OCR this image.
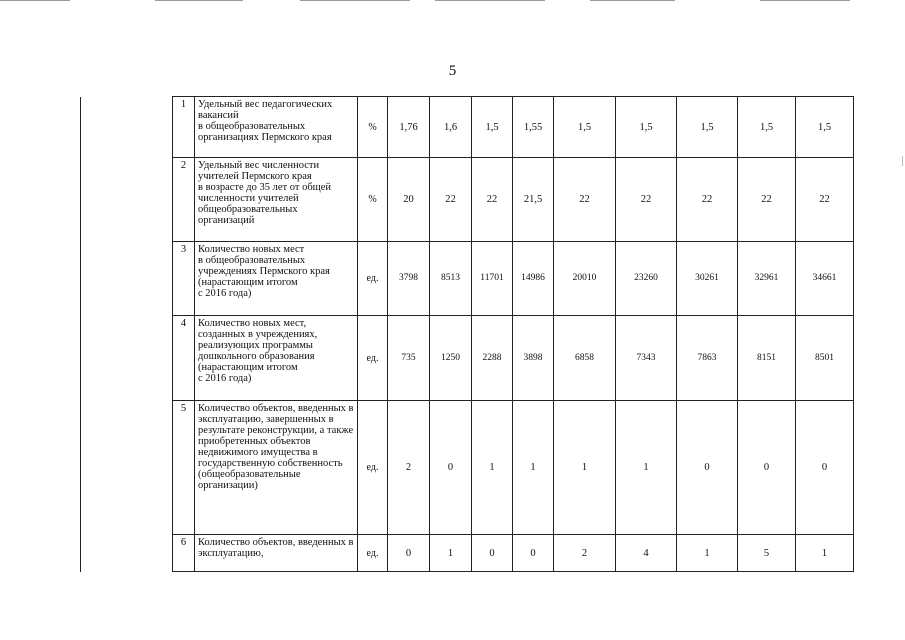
5
	1	Удельный вес педагогических вакансий
в общеобразовательных организациях Пермского края	%	1,76	1,6	1,5	1,55	1,5	1,5	1,5	1,5	1,5
	2	Удельный вес численности учителей Пермского края
в возрасте до 35 лет от общей численности учителей общеобразовательных организаций	%	20	22	22	21,5	22	22	22	22	22
	3	Количество новых мест
в общеобразовательных учреждениях Пермского края (нарастающим итогом
с 2016 года)	ед.	3798	8513	11701	14986	20010	23260	30261	32961	34661
	4	Количество новых мест, созданных в учреждениях, реализующих программы дошкольного образования (нарастающим итогом
с 2016 года)	ед.	735	1250	2288	3898	6858	7343	7863	8151	8501
	5	Количество объектов, введенных в эксплуатацию, завершенных в результате реконструкции, а также приобретенных объектов недвижимого имущества в государственную собственность (общеобразовательные организации)	ед.	2	0	1	1	1	1	0	0	0
	6	Количество объектов, введенных в эксплуатацию,	ед.	0	1	0	0	2	4	1	5	1
